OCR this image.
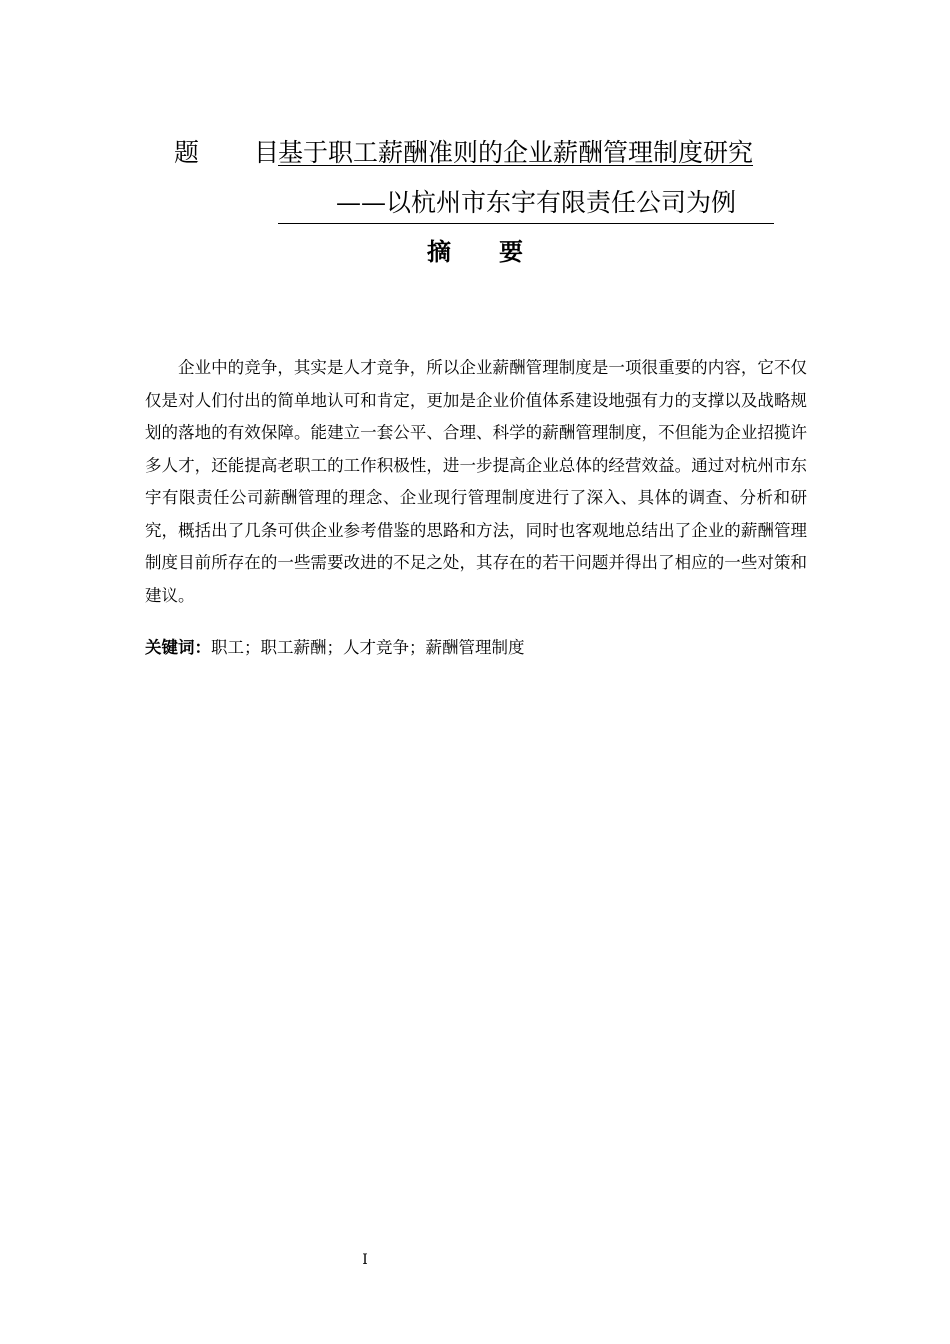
题 目
基于职工薪酬准则的企业薪酬管理制度研究
——以杭州市东宇有限责任公司为例
摘要

企业中的竞争，其实是人才竞争，所以企业薪酬管理制度是一项很重要的内容，它不仅仅是对人们付出的简单地认可和肯定，更加是企业价值体系建设地强有力的支撑以及战略规划的落地的有效保障。能建立一套公平、合理、科学的薪酬管理制度，不但能为企业招揽许多人才，还能提高老职工的工作积极性，进一步提高企业总体的经营效益。通过对杭州市东宇有限责任公司薪酬管理的理念、企业现行管理制度进行了深入、具体的调查、分析和研究，概括出了几条可供企业参考借鉴的思路和方法，同时也客观地总结出了企业的薪酬管理制度目前所存在的一些需要改进的不足之处，其存在的若干问题并得出了相应的一些对策和建议。

关键词：职工；职工薪酬；人才竞争；薪酬管理制度
I
